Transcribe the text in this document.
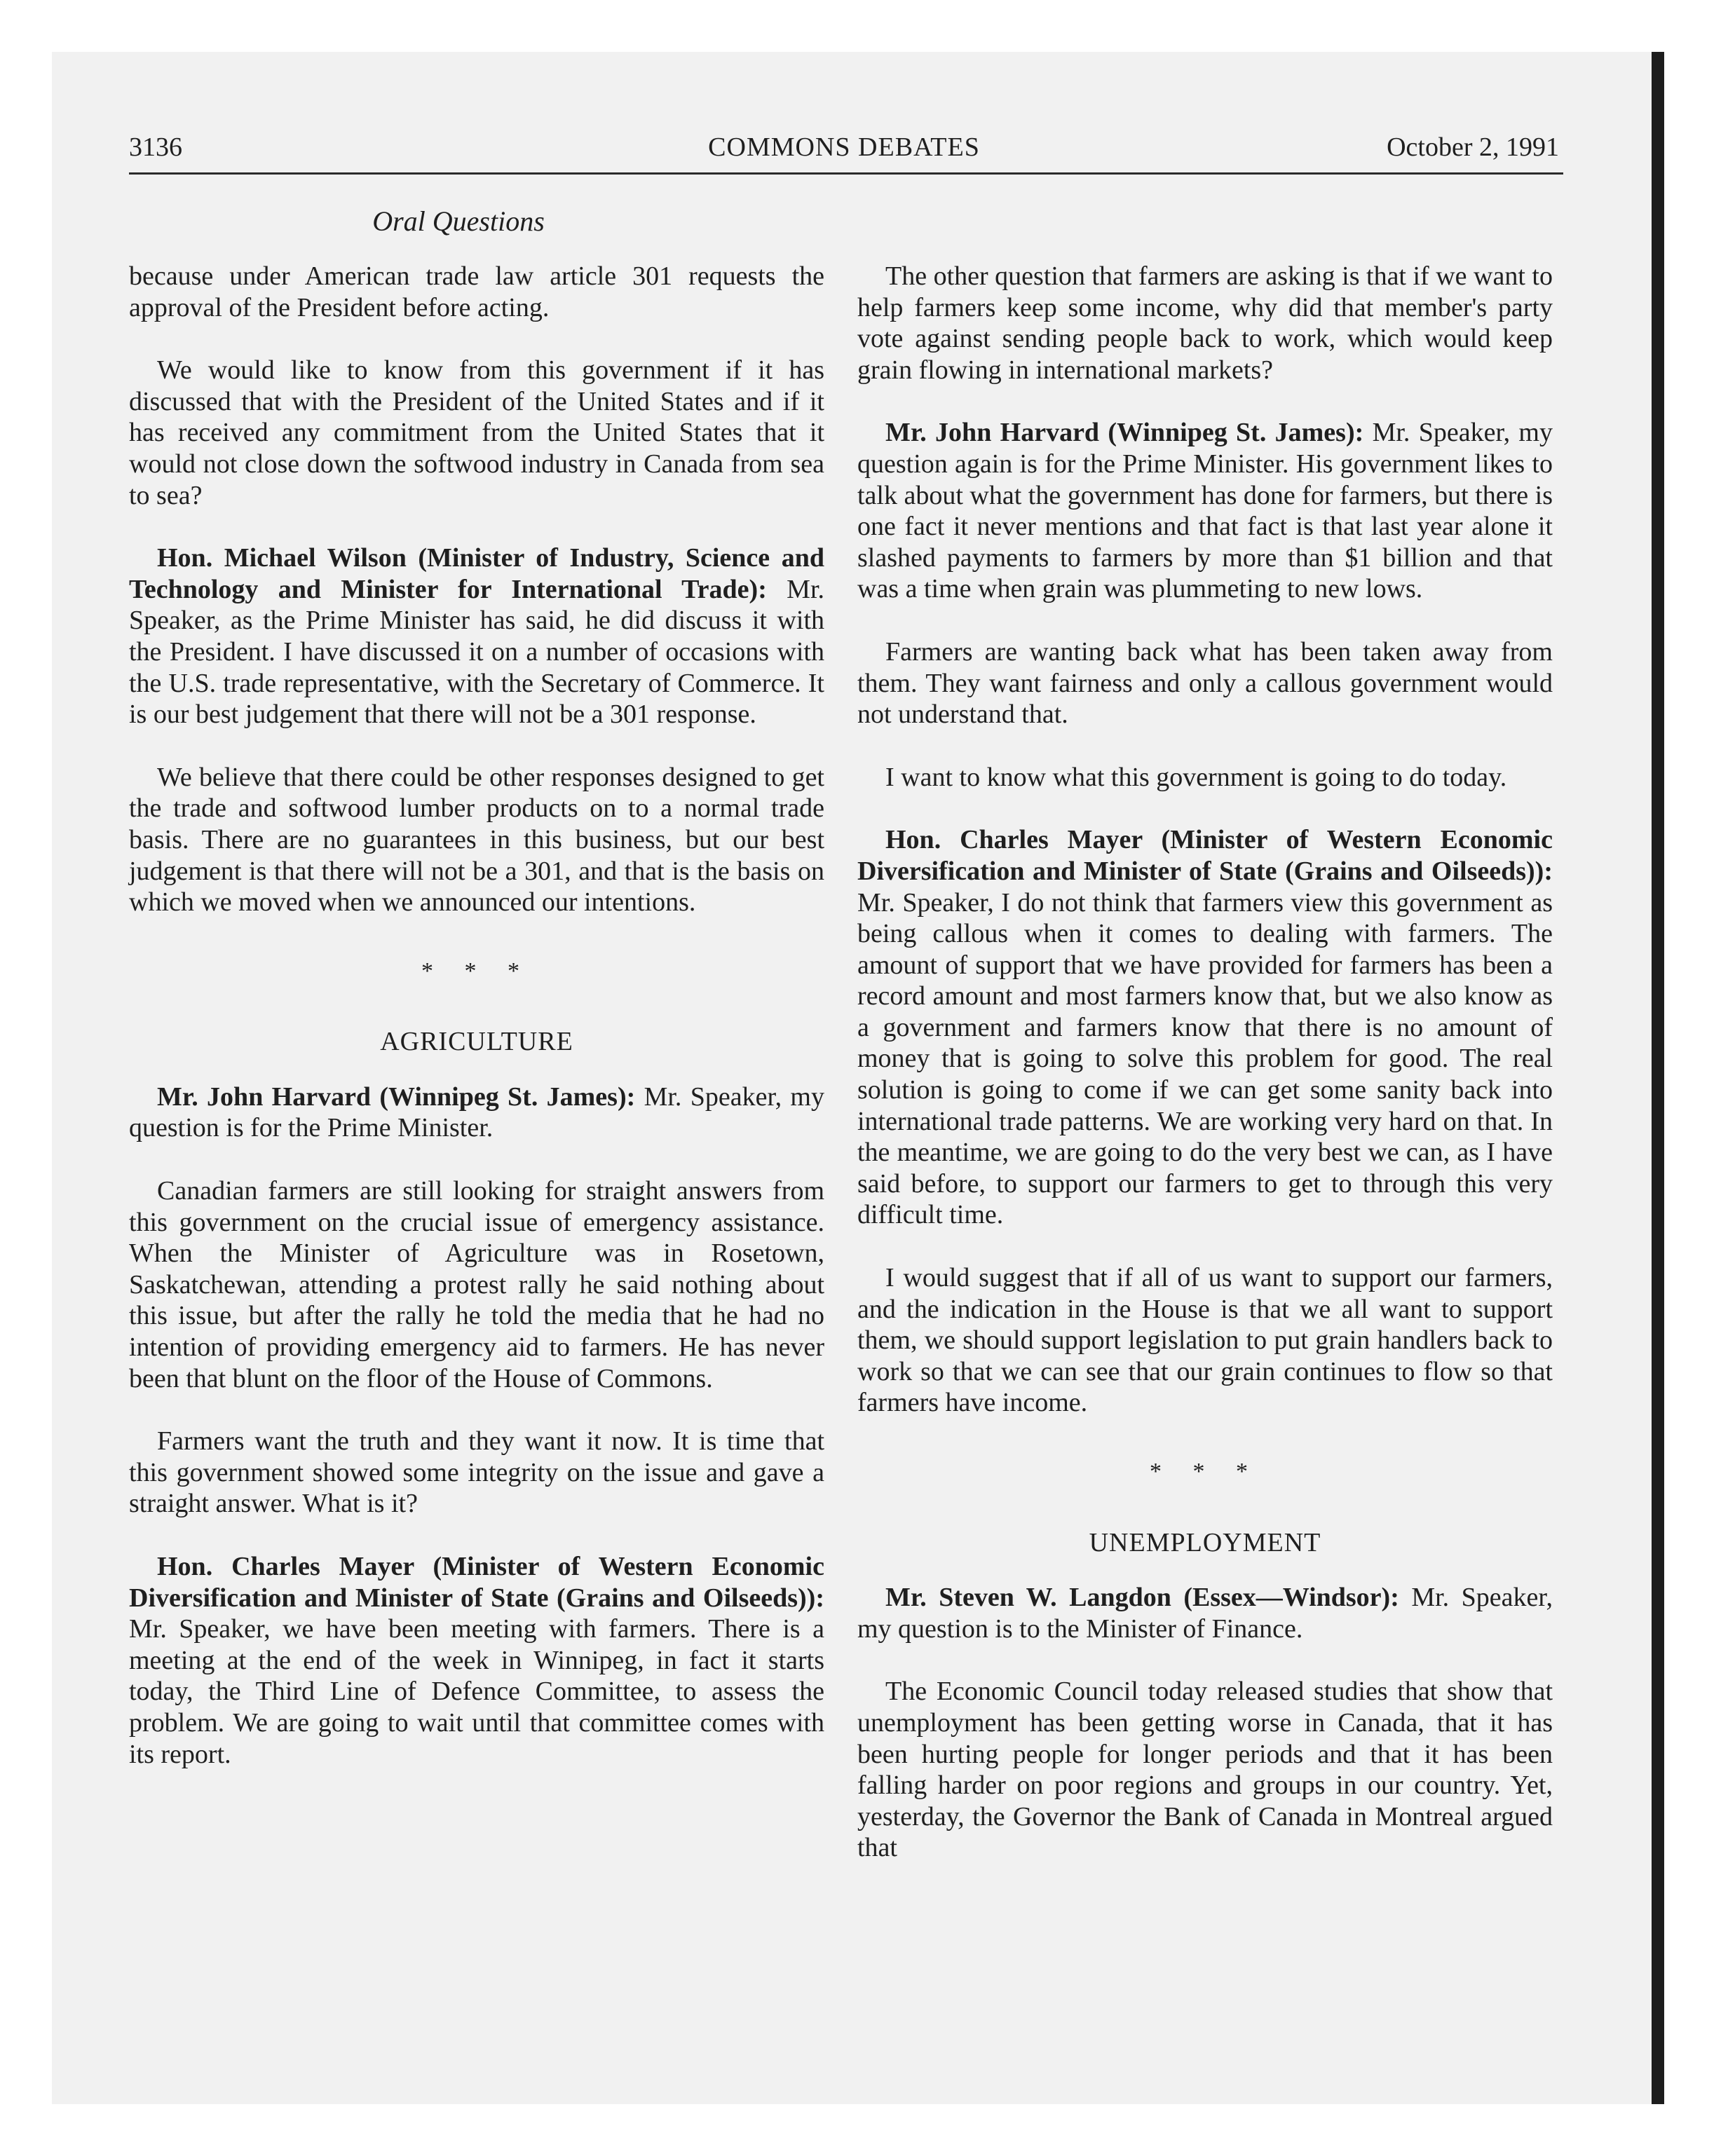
3136	COMMONS DEBATES	October 2, 1991
Oral Questions

because under American trade law article 301 requests the approval of the President before acting.

We would like to know from this government if it has discussed that with the President of the United States and if it has received any commitment from the United States that it would not close down the softwood industry in Canada from sea to sea?

Hon. Michael Wilson (Minister of Industry, Science and Technology and Minister for International Trade): Mr. Speaker, as the Prime Minister has said, he did discuss it with the President. I have discussed it on a number of occasions with the U.S. trade representative, with the Secretary of Commerce. It is our best judgement that there will not be a 301 response.

We believe that there could be other responses designed to get the trade and softwood lumber products on to a normal trade basis. There are no guarantees in this business, but our best judgement is that there will not be a 301, and that is the basis on which we moved when we announced our intentions.

* * *
AGRICULTURE

Mr. John Harvard (Winnipeg St. James): Mr. Speaker, my question is for the Prime Minister.

Canadian farmers are still looking for straight answers from this government on the crucial issue of emergency assistance. When the Minister of Agriculture was in Rosetown, Saskatchewan, attending a protest rally he said nothing about this issue, but after the rally he told the media that he had no intention of providing emergency aid to farmers. He has never been that blunt on the floor of the House of Commons.

Farmers want the truth and they want it now. It is time that this government showed some integrity on the issue and gave a straight answer. What is it?

Hon. Charles Mayer (Minister of Western Economic Diversification and Minister of State (Grains and Oilseeds)): Mr. Speaker, we have been meeting with farmers. There is a meeting at the end of the week in Winnipeg, in fact it starts today, the Third Line of Defence Committee, to assess the problem. We are going to wait until that committee comes with its report.

The other question that farmers are asking is that if we want to help farmers keep some income, why did that member's party vote against sending people back to work, which would keep grain flowing in international markets?

Mr. John Harvard (Winnipeg St. James): Mr. Speaker, my question again is for the Prime Minister. His government likes to talk about what the government has done for farmers, but there is one fact it never mentions and that fact is that last year alone it slashed payments to farmers by more than $1 billion and that was a time when grain was plummeting to new lows.

Farmers are wanting back what has been taken away from them. They want fairness and only a callous government would not understand that.

I want to know what this government is going to do today.

Hon. Charles Mayer (Minister of Western Economic Diversification and Minister of State (Grains and Oilseeds)): Mr. Speaker, I do not think that farmers view this government as being callous when it comes to dealing with farmers. The amount of support that we have provided for farmers has been a record amount and most farmers know that, but we also know as a government and farmers know that there is no amount of money that is going to solve this problem for good. The real solution is going to come if we can get some sanity back into international trade patterns. We are working very hard on that. In the meantime, we are going to do the very best we can, as I have said before, to support our farmers to get to through this very difficult time.

I would suggest that if all of us want to support our farmers, and the indication in the House is that we all want to support them, we should support legislation to put grain handlers back to work so that we can see that our grain continues to flow so that farmers have income.

* * *
UNEMPLOYMENT

Mr. Steven W. Langdon (Essex—Windsor): Mr. Speaker, my question is to the Minister of Finance.

The Economic Council today released studies that show that unemployment has been getting worse in Canada, that it has been hurting people for longer periods and that it has been falling harder on poor regions and groups in our country. Yet, yesterday, the Governor the Bank of Canada in Montreal argued that
